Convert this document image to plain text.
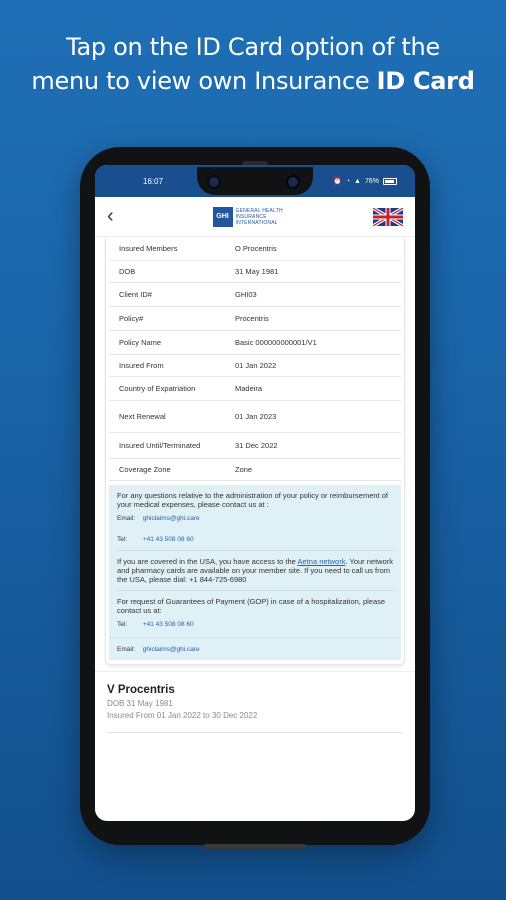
Tap on the ID Card option of the
menu to view own Insurance ID Card
16:07	⏰ ◔ ▲ 76%
‹	GHI
GENERAL HEALTH INSURANCE INTERNATIONAL
Insured Members	O Procentris
DOB	31 May 1981
Client ID#	GHI03
Policy#	Procentris
Policy Name	Basic 000000000001/V1
Insured From	01 Jan 2022
Country of Expatriation	Madeira
Next Renewal	01 Jan 2023
Insured Until/Terminated	31 Dec 2022
Coverage Zone	Zone
For any questions relative to the administration of your policy or reimbursement of your medical expenses, please contact us at :
Email: ghiclaims@ghi.care
Tel: +41 43 508 08 60
If you are covered in the USA, you have access to the Aetna network. Your network and pharmacy cards are available on your member site. If you need to call us from the USA, please dial: +1 844-725-6980
For request of Guarantees of Payment (GOP) in case of a hospitalization, please contact us at:
Tel: +41 43 508 08 60
Email: ghiclaims@ghi.care
V Procentris
DOB 31 May 1981
Insured From 01 Jan 2022 to 30 Dec 2022
